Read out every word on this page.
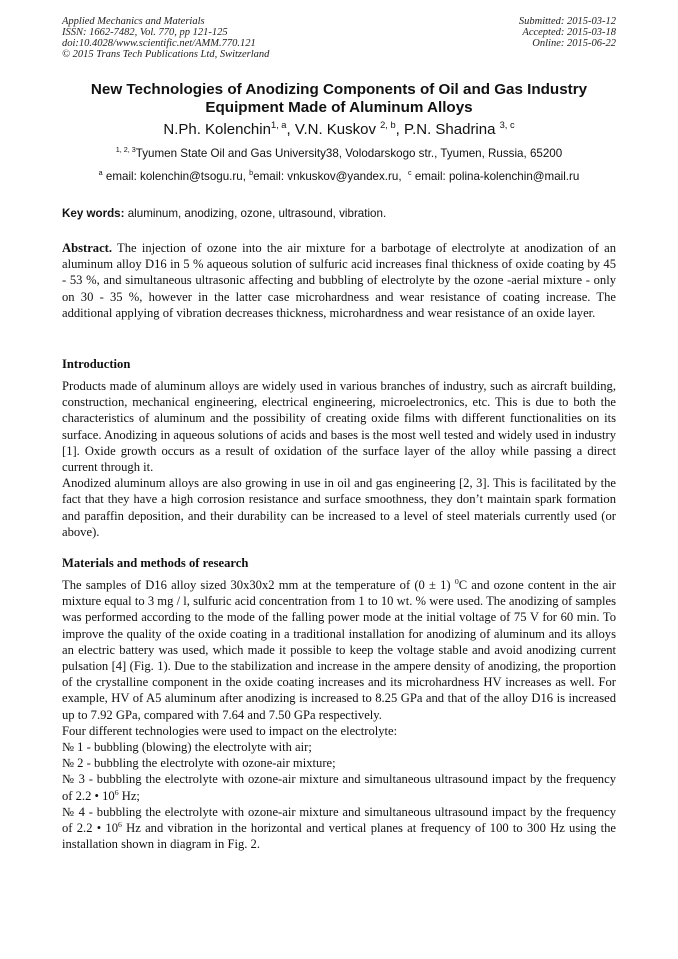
Applied Mechanics and Materials
ISSN: 1662-7482, Vol. 770, pp 121-125
doi:10.4028/www.scientific.net/AMM.770.121
© 2015 Trans Tech Publications Ltd, Switzerland
Submitted: 2015-03-12
Accepted: 2015-03-18
Online: 2015-06-22
New Technologies of Anodizing Components of Oil and Gas Industry Equipment Made of Aluminum Alloys
N.Ph. Kolenchin$^{1, a}$, V.N. Kuskov $^{2, b}$, P.N. Shadrina $^{3, c}$
$^{1, 2, 3}$Tyumen State Oil and Gas University38, Volodarskogo str., Tyumen, Russia, 65200
$^a$ email: kolenchin@tsogu.ru, $^b$email: vnkuskov@yandex.ru, $^c$ email: polina-kolenchin@mail.ru
Key words: aluminum, anodizing, ozone, ultrasound, vibration.

Abstract. The injection of ozone into the air mixture for a barbotage of electrolyte at anodization of an aluminum alloy D16 in 5 % aqueous solution of sulfuric acid increases final thickness of oxide coating by 45 - 53 %, and simultaneous ultrasonic affecting and bubbling of electrolyte by the ozone -aerial mixture - only on 30 - 35 %, however in the latter case microhardness and wear resistance of coating increase. The additional applying of vibration decreases thickness, microhardness and wear resistance of an oxide layer.

Introduction

Products made of aluminum alloys are widely used in various branches of industry, such as aircraft building, construction, mechanical engineering, electrical engineering, microelectronics, etc. This is due to both the characteristics of aluminum and the possibility of creating oxide films with different functionalities on its surface. Anodizing in aqueous solutions of acids and bases is the most well tested and widely used in industry [1]. Oxide growth occurs as a result of oxidation of the surface layer of the alloy while passing a direct current through it.

Anodized aluminum alloys are also growing in use in oil and gas engineering [2, 3]. This is facilitated by the fact that they have a high corrosion resistance and surface smoothness, they don’t maintain spark formation and paraffin deposition, and their durability can be increased to a level of steel materials currently used (or above).

Materials and methods of research

The samples of D16 alloy sized 30x30x2 mm at the temperature of (0 ± 1) $^0$C and ozone content in the air mixture equal to 3 mg / l, sulfuric acid concentration from 1 to 10 wt. % were used. The anodizing of samples was performed according to the mode of the falling power mode at the initial voltage of 75 V for 60 min. To improve the quality of the oxide coating in a traditional installation for anodizing of aluminum and its alloys an electric battery was used, which made it possible to keep the voltage stable and avoid anodizing current pulsation [4] (Fig. 1). Due to the stabilization and increase in the ampere density of anodizing, the proportion of the crystalline component in the oxide coating increases and its microhardness HV increases as well. For example, HV of A5 aluminum after anodizing is increased to 8.25 GPa and that of the alloy D16 is increased up to 7.92 GPa, compared with 7.64 and 7.50 GPa respectively.

Four different technologies were used to impact on the electrolyte:

№ 1 - bubbling (blowing) the electrolyte with air;

№ 2 - bubbling the electrolyte with ozone-air mixture;

№ 3 - bubbling the electrolyte with ozone-air mixture and simultaneous ultrasound impact by the frequency of 2.2 • $10^6$ Hz;

№ 4 - bubbling the electrolyte with ozone-air mixture and simultaneous ultrasound impact by the frequency of 2.2 • $10^6$ Hz and vibration in the horizontal and vertical planes at frequency of 100 to 300 Hz using the installation shown in diagram in Fig. 2.
